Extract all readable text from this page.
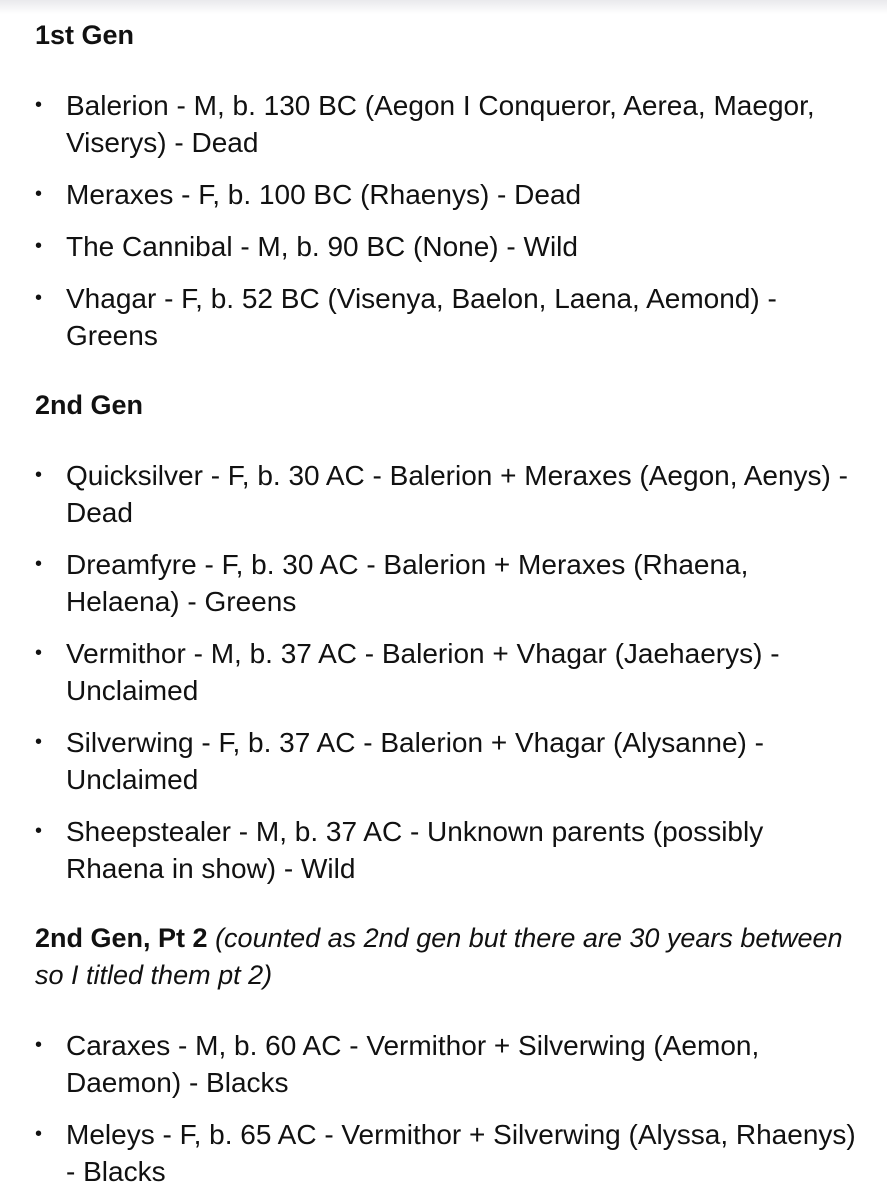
1st Gen
• Balerion - M, b. 130 BC (Aegon I Conqueror, Aerea, Maegor, Viserys) - Dead
• Meraxes - F, b. 100 BC (Rhaenys) - Dead
• The Cannibal - M, b. 90 BC (None) - Wild
• Vhagar - F, b. 52 BC (Visenya, Baelon, Laena, Aemond) - Greens
2nd Gen
• Quicksilver - F, b. 30 AC - Balerion + Meraxes (Aegon, Aenys) - Dead
• Dreamfyre - F, b. 30 AC - Balerion + Meraxes (Rhaena, Helaena) - Greens
• Vermithor - M, b. 37 AC - Balerion + Vhagar (Jaehaerys) - Unclaimed
• Silverwing - F, b. 37 AC - Balerion + Vhagar (Alysanne) - Unclaimed
• Sheepstealer - M, b. 37 AC - Unknown parents (possibly Rhaena in show) - Wild
2nd Gen, Pt 2 (counted as 2nd gen but there are 30 years between so I titled them pt 2)
• Caraxes - M, b. 60 AC - Vermithor + Silverwing (Aemon, Daemon) - Blacks
• Meleys - F, b. 65 AC - Vermithor + Silverwing (Alyssa, Rhaenys) - Blacks
